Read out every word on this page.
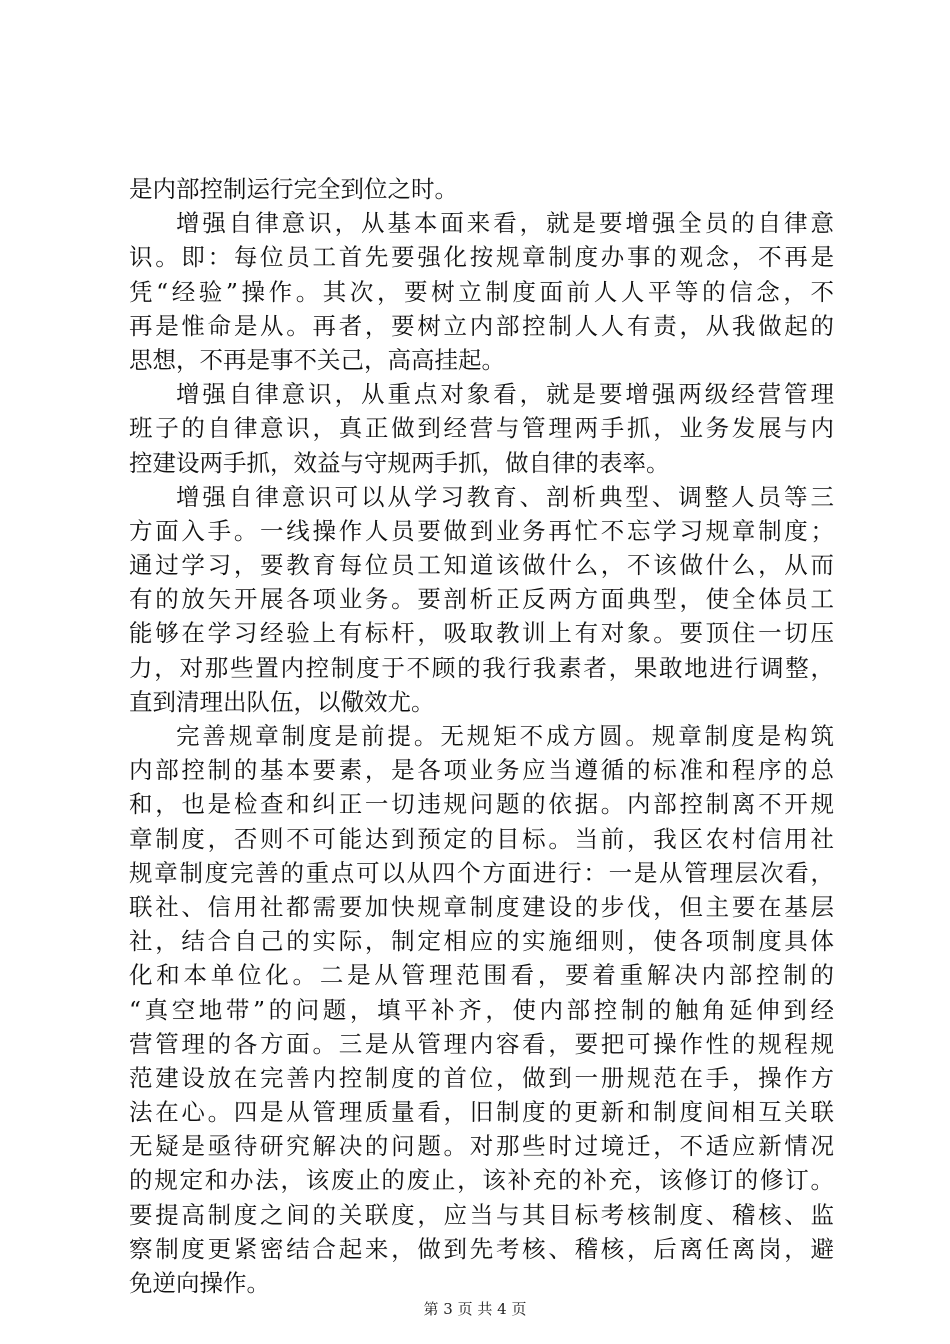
是内部控制运行完全到位之时。
增强自律意识，从基本面来看，就是要增强全员的自律意
识。即：每位员工首先要强化按规章制度办事的观念，不再是
凭“经验”操作。其次，要树立制度面前人人平等的信念，不
再是惟命是从。再者，要树立内部控制人人有责，从我做起的
思想，不再是事不关己，高高挂起。
增强自律意识，从重点对象看，就是要增强两级经营管理
班子的自律意识，真正做到经营与管理两手抓，业务发展与内
控建设两手抓，效益与守规两手抓，做自律的表率。
增强自律意识可以从学习教育、剖析典型、调整人员等三
方面入手。一线操作人员要做到业务再忙不忘学习规章制度；
通过学习，要教育每位员工知道该做什么，不该做什么，从而
有的放矢开展各项业务。要剖析正反两方面典型，使全体员工
能够在学习经验上有标杆，吸取教训上有对象。要顶住一切压
力，对那些置内控制度于不顾的我行我素者，果敢地进行调整，
直到清理出队伍，以儆效尤。
完善规章制度是前提。无规矩不成方圆。规章制度是构筑
内部控制的基本要素，是各项业务应当遵循的标准和程序的总
和，也是检查和纠正一切违规问题的依据。内部控制离不开规
章制度，否则不可能达到预定的目标。当前，我区农村信用社
规章制度完善的重点可以从四个方面进行：一是从管理层次看，
联社、信用社都需要加快规章制度建设的步伐，但主要在基层
社，结合自己的实际，制定相应的实施细则，使各项制度具体
化和本单位化。二是从管理范围看，要着重解决内部控制的
“真空地带”的问题，填平补齐，使内部控制的触角延伸到经
营管理的各方面。三是从管理内容看，要把可操作性的规程规
范建设放在完善内控制度的首位，做到一册规范在手，操作方
法在心。四是从管理质量看，旧制度的更新和制度间相互关联
无疑是亟待研究解决的问题。对那些时过境迁，不适应新情况
的规定和办法，该废止的废止，该补充的补充，该修订的修订。
要提高制度之间的关联度，应当与其目标考核制度、稽核、监
察制度更紧密结合起来，做到先考核、稽核，后离任离岗，避
免逆向操作。
第 3 页 共 4 页
